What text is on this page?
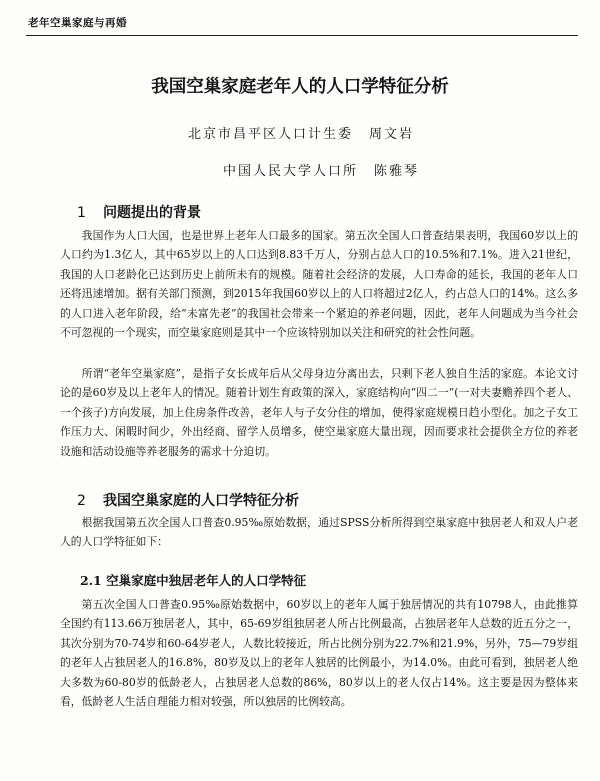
老年空巢家庭与再婚
我国空巢家庭老年人的人口学特征分析
北京市昌平区人口计生委 周文岩
中国人民大学人口所 陈雅琴
1 问题提出的背景

我国作为人口大国，也是世界上老年人口最多的国家。第五次全国人口普查结果表明，我国60岁以上的人口约为1.3亿人，其中65岁以上的人口达到8.83千万人，分别占总人口的10.5%和7.1%。进入21世纪，我国的人口老龄化已达到历史上前所未有的规模。随着社会经济的发展，人口寿命的延长，我国的老年人口还将迅速增加。据有关部门预测，到2015年我国60岁以上的人口将超过2亿人，约占总人口的14%。这么多的人口进入老年阶段，给“未富先老”的我国社会带来一个紧迫的养老问题，因此，老年人问题成为当今社会不可忽视的一个现实，而空巢家庭则是其中一个应该特别加以关注和研究的社会性问题。

所谓“老年空巢家庭”，是指子女长成年后从父母身边分离出去，只剩下老人独自生活的家庭。本论文讨论的是60岁及以上老年人的情况。随着计划生育政策的深入，家庭结构向“四二一”(一对夫妻赡养四个老人、一个孩子)方向发展，加上住房条件改善，老年人与子女分住的增加，使得家庭规模日趋小型化。加之子女工作压力大、闲暇时间少，外出经商、留学人员增多，使空巢家庭大量出现，因而要求社会提供全方位的养老设施和活动设施等养老服务的需求十分迫切。

2 我国空巢家庭的人口学特征分析

根据我国第五次全国人口普查0.95‰原始数据，通过SPSS分析所得到空巢家庭中独居老人和双人户老人的人口学特征如下：

2.1 空巢家庭中独居老年人的人口学特征

第五次全国人口普查0.95‰原始数据中，60岁以上的老年人属于独居情况的共有10798人，由此推算全国约有113.66万独居老人，其中，65-69岁组独居老人所占比例最高，占独居老年人总数的近五分之一，其次分别为70-74岁和60-64岁老人，人数比较接近，所占比例分别为22.7%和21.9%，另外，75—79岁组的老年人占独居老人的16.8%，80岁及以上的老年人独居的比例最小，为14.0%。由此可看到，独居老人绝大多数为60-80岁的低龄老人，占独居老人总数的86%，80岁以上的老人仅占14%。这主要是因为整体来看，低龄老人生活自理能力相对较强，所以独居的比例较高。
